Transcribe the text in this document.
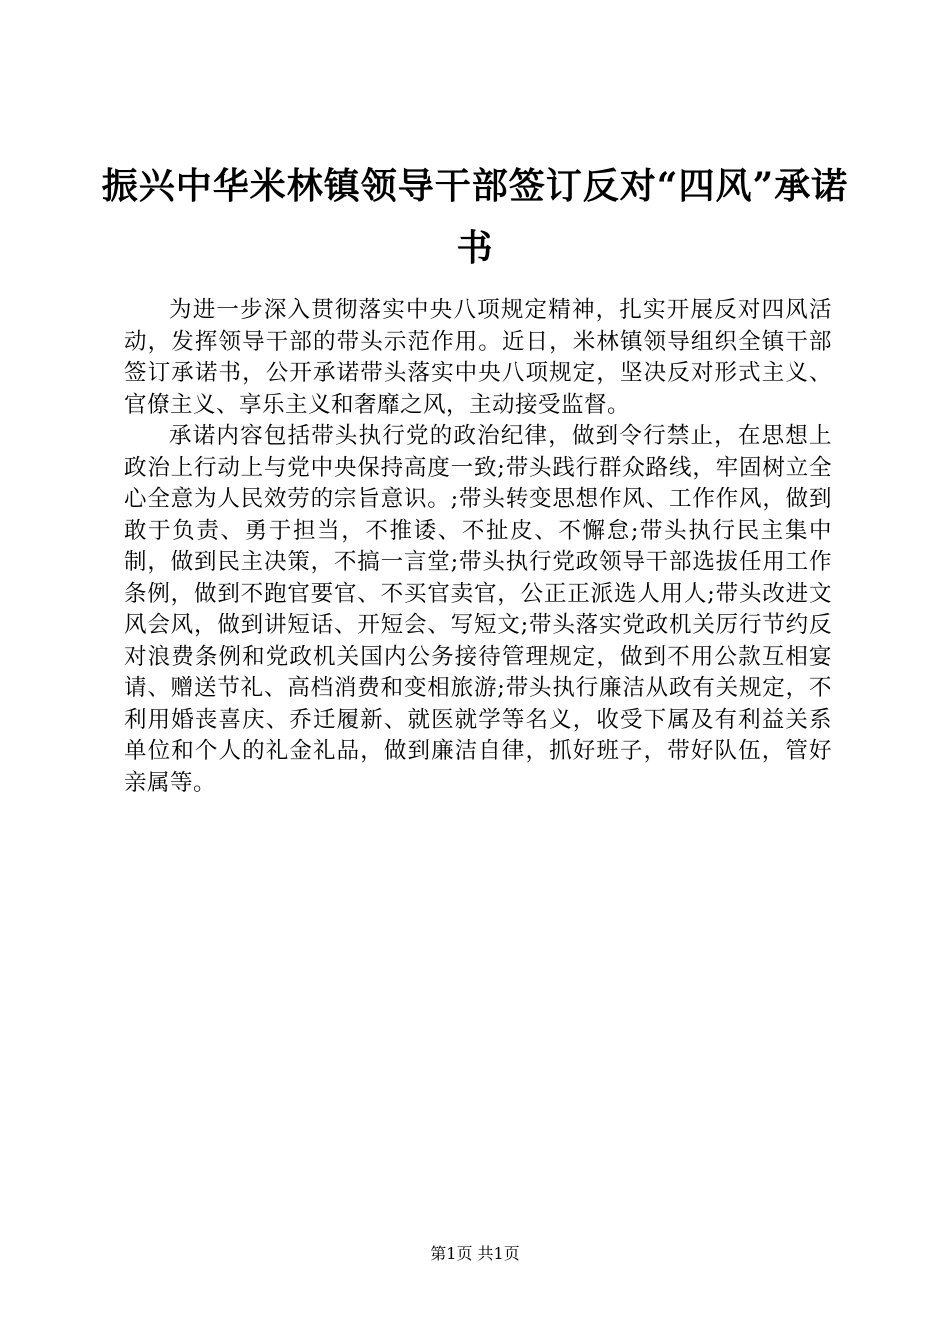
振兴中华米林镇领导干部签订反对“四风”承诺书

为进一步深入贯彻落实中央八项规定精神，扎实开展反对四风活动，发挥领导干部的带头示范作用。近日，米林镇领导组织全镇干部签订承诺书，公开承诺带头落实中央八项规定，坚决反对形式主义、官僚主义、享乐主义和奢靡之风，主动接受监督。

承诺内容包括带头执行党的政治纪律，做到令行禁止，在思想上政治上行动上与党中央保持高度一致;带头践行群众路线，牢固树立全心全意为人民效劳的宗旨意识。;带头转变思想作风、工作作风，做到敢于负责、勇于担当，不推诿、不扯皮、不懈怠;带头执行民主集中制，做到民主决策，不搞一言堂;带头执行党政领导干部选拔任用工作条例，做到不跑官要官、不买官卖官，公正正派选人用人;带头改进文风会风，做到讲短话、开短会、写短文;带头落实党政机关厉行节约反对浪费条例和党政机关国内公务接待管理规定，做到不用公款互相宴请、赠送节礼、高档消费和变相旅游;带头执行廉洁从政有关规定，不利用婚丧喜庆、乔迁履新、就医就学等名义，收受下属及有利益关系单位和个人的礼金礼品，做到廉洁自律，抓好班子，带好队伍，管好亲属等。

第1页 共1页
